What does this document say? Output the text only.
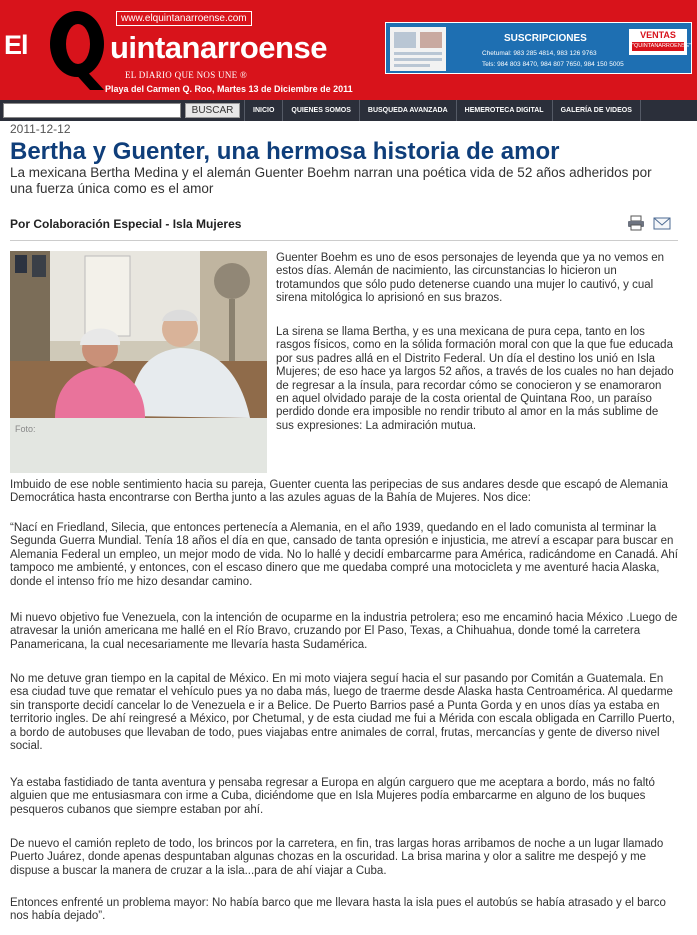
www.elquintanarroense.com
El	uintanarroense
EL DIARIO QUE NOS UNE ®
Playa del Carmen Q. Roo, Martes 13 de Diciembre de 2011
SUSCRIPCIONES
Chetumal: 983 285 4814, 983 126 9763
Tels: 984 803 8470, 984 807 7650, 984 150 5005
VENTAS
"QUINTANARROENSE"
BUSCAR	INICIO	QUIENES SOMOS	BUSQUEDA AVANZADA	HEMEROTECA DIGITAL	GALERÍA DE VIDEOS
2011-12-12
Bertha y Guenter, una hermosa historia de amor
La mexicana Bertha Medina y el alemán Guenter Boehm narran una poética vida de 52 años adheridos por una fuerza única como es el amor
Por Colaboración Especial - Isla Mujeres
Foto:

Guenter Boehm es uno de esos personajes de leyenda que ya no vemos en estos días. Alemán de nacimiento, las circunstancias lo hicieron un trotamundos que sólo pudo detenerse cuando una mujer lo cautivó, y cual sirena mitológica lo aprisionó en sus brazos.

La sirena se llama Bertha, y es una mexicana de pura cepa, tanto en los rasgos físicos, como en la sólida formación moral con que la que fue educada por sus padres allá en el Distrito Federal. Un día el destino los unió en Isla Mujeres; de eso hace ya largos 52 años, a través de los cuales no han dejado de regresar a la ínsula, para recordar cómo se conocieron y se enamoraron en aquel olvidado paraje de la costa oriental de Quintana Roo, un paraíso perdido donde era imposible no rendir tributo al amor en la más sublime de sus expresiones: La admiración mutua.

Imbuido de ese noble sentimiento hacia su pareja, Guenter cuenta las peripecias de sus andares desde que escapó de Alemania Democrática hasta encontrarse con Bertha junto a las azules aguas de la Bahía de Mujeres. Nos dice:

“Nací en Friedland, Silecia, que entonces pertenecía a Alemania, en el año 1939, quedando en el lado comunista al terminar la Segunda Guerra Mundial. Tenía 18 años el día en que, cansado de tanta opresión e injusticia, me atreví a escapar para buscar en Alemania Federal un empleo, un mejor modo de vida. No lo hallé y decidí embarcarme para América, radicándome en Canadá. Ahí tampoco me ambienté, y entonces, con el escaso dinero que me quedaba compré una motocicleta y me aventuré hacia Alaska, donde el intenso frío me hizo desandar camino.

Mi nuevo objetivo fue Venezuela, con la intención de ocuparme en la industria petrolera; eso me encaminó hacia México .Luego de atravesar la unión americana me hallé en el Río Bravo, cruzando por El Paso, Texas, a Chihuahua, donde tomé la carretera Panamericana, la cual necesariamente me llevaría hasta Sudamérica.

No me detuve gran tiempo en la capital de México. En mi moto viajera seguí hacia el sur pasando por Comitán a Guatemala. En esa ciudad tuve que rematar el vehículo pues ya no daba más, luego de traerme desde Alaska hasta Centroamérica. Al quedarme sin transporte decidí cancelar lo de Venezuela e ir a Belice. De Puerto Barrios pasé a Punta Gorda y en unos días ya estaba en territorio ingles. De ahí reingresé a México, por Chetumal, y de esta ciudad me fui a Mérida con escala obligada en Carrillo Puerto, a bordo de autobuses que llevaban de todo, pues viajabas entre animales de corral, frutas, mercancías y gente de diverso nivel social.

Ya estaba fastidiado de tanta aventura y pensaba regresar a Europa en algún carguero que me aceptara a bordo, más no faltó alguien que me entusiasmara con irme a Cuba, diciéndome que en Isla Mujeres podía embarcarme en alguno de los buques pesqueros cubanos que siempre estaban por ahí.

De nuevo el camión repleto de todo, los brincos por la carretera, en fin, tras largas horas arribamos de noche a un lugar llamado Puerto Juárez, donde apenas despuntaban algunas chozas en la oscuridad. La brisa marina y olor a salitre me despejó y me dispuse a buscar la manera de cruzar a la isla...para de ahí viajar a Cuba.

Entonces enfrenté un problema mayor: No había barco que me llevara hasta la isla pues el autobús se había atrasado y el barco nos había dejado”.
